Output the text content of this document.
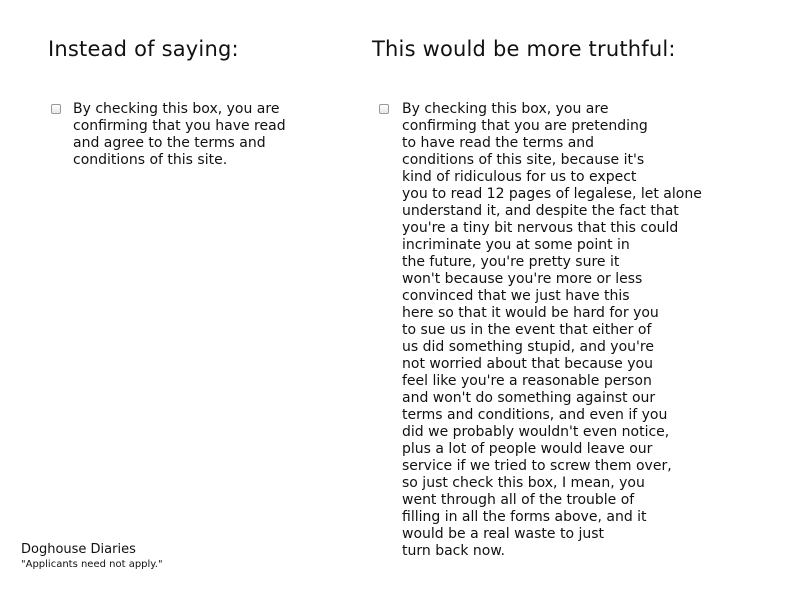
Instead of saying:	This would be more truthful:
By checking this box, you are
confirming that you have read
and agree to the terms and
conditions of this site.
By checking this box, you are
confirming that you are pretending
to have read the terms and
conditions of this site, because it's
kind of ridiculous for us to expect
you to read 12 pages of legalese, let alone
understand it, and despite the fact that
you're a tiny bit nervous that this could
incriminate you at some point in
the future, you're pretty sure it
won't because you're more or less
convinced that we just have this
here so that it would be hard for you
to sue us in the event that either of
us did something stupid, and you're
not worried about that because you
feel like you're a reasonable person
and won't do something against our
terms and conditions, and even if you
did we probably wouldn't even notice,
plus a lot of people would leave our
service if we tried to screw them over,
so just check this box, I mean, you
went through all of the trouble of
filling in all the forms above, and it
would be a real waste to just
turn back now.
Doghouse Diaries
"Applicants need not apply."
